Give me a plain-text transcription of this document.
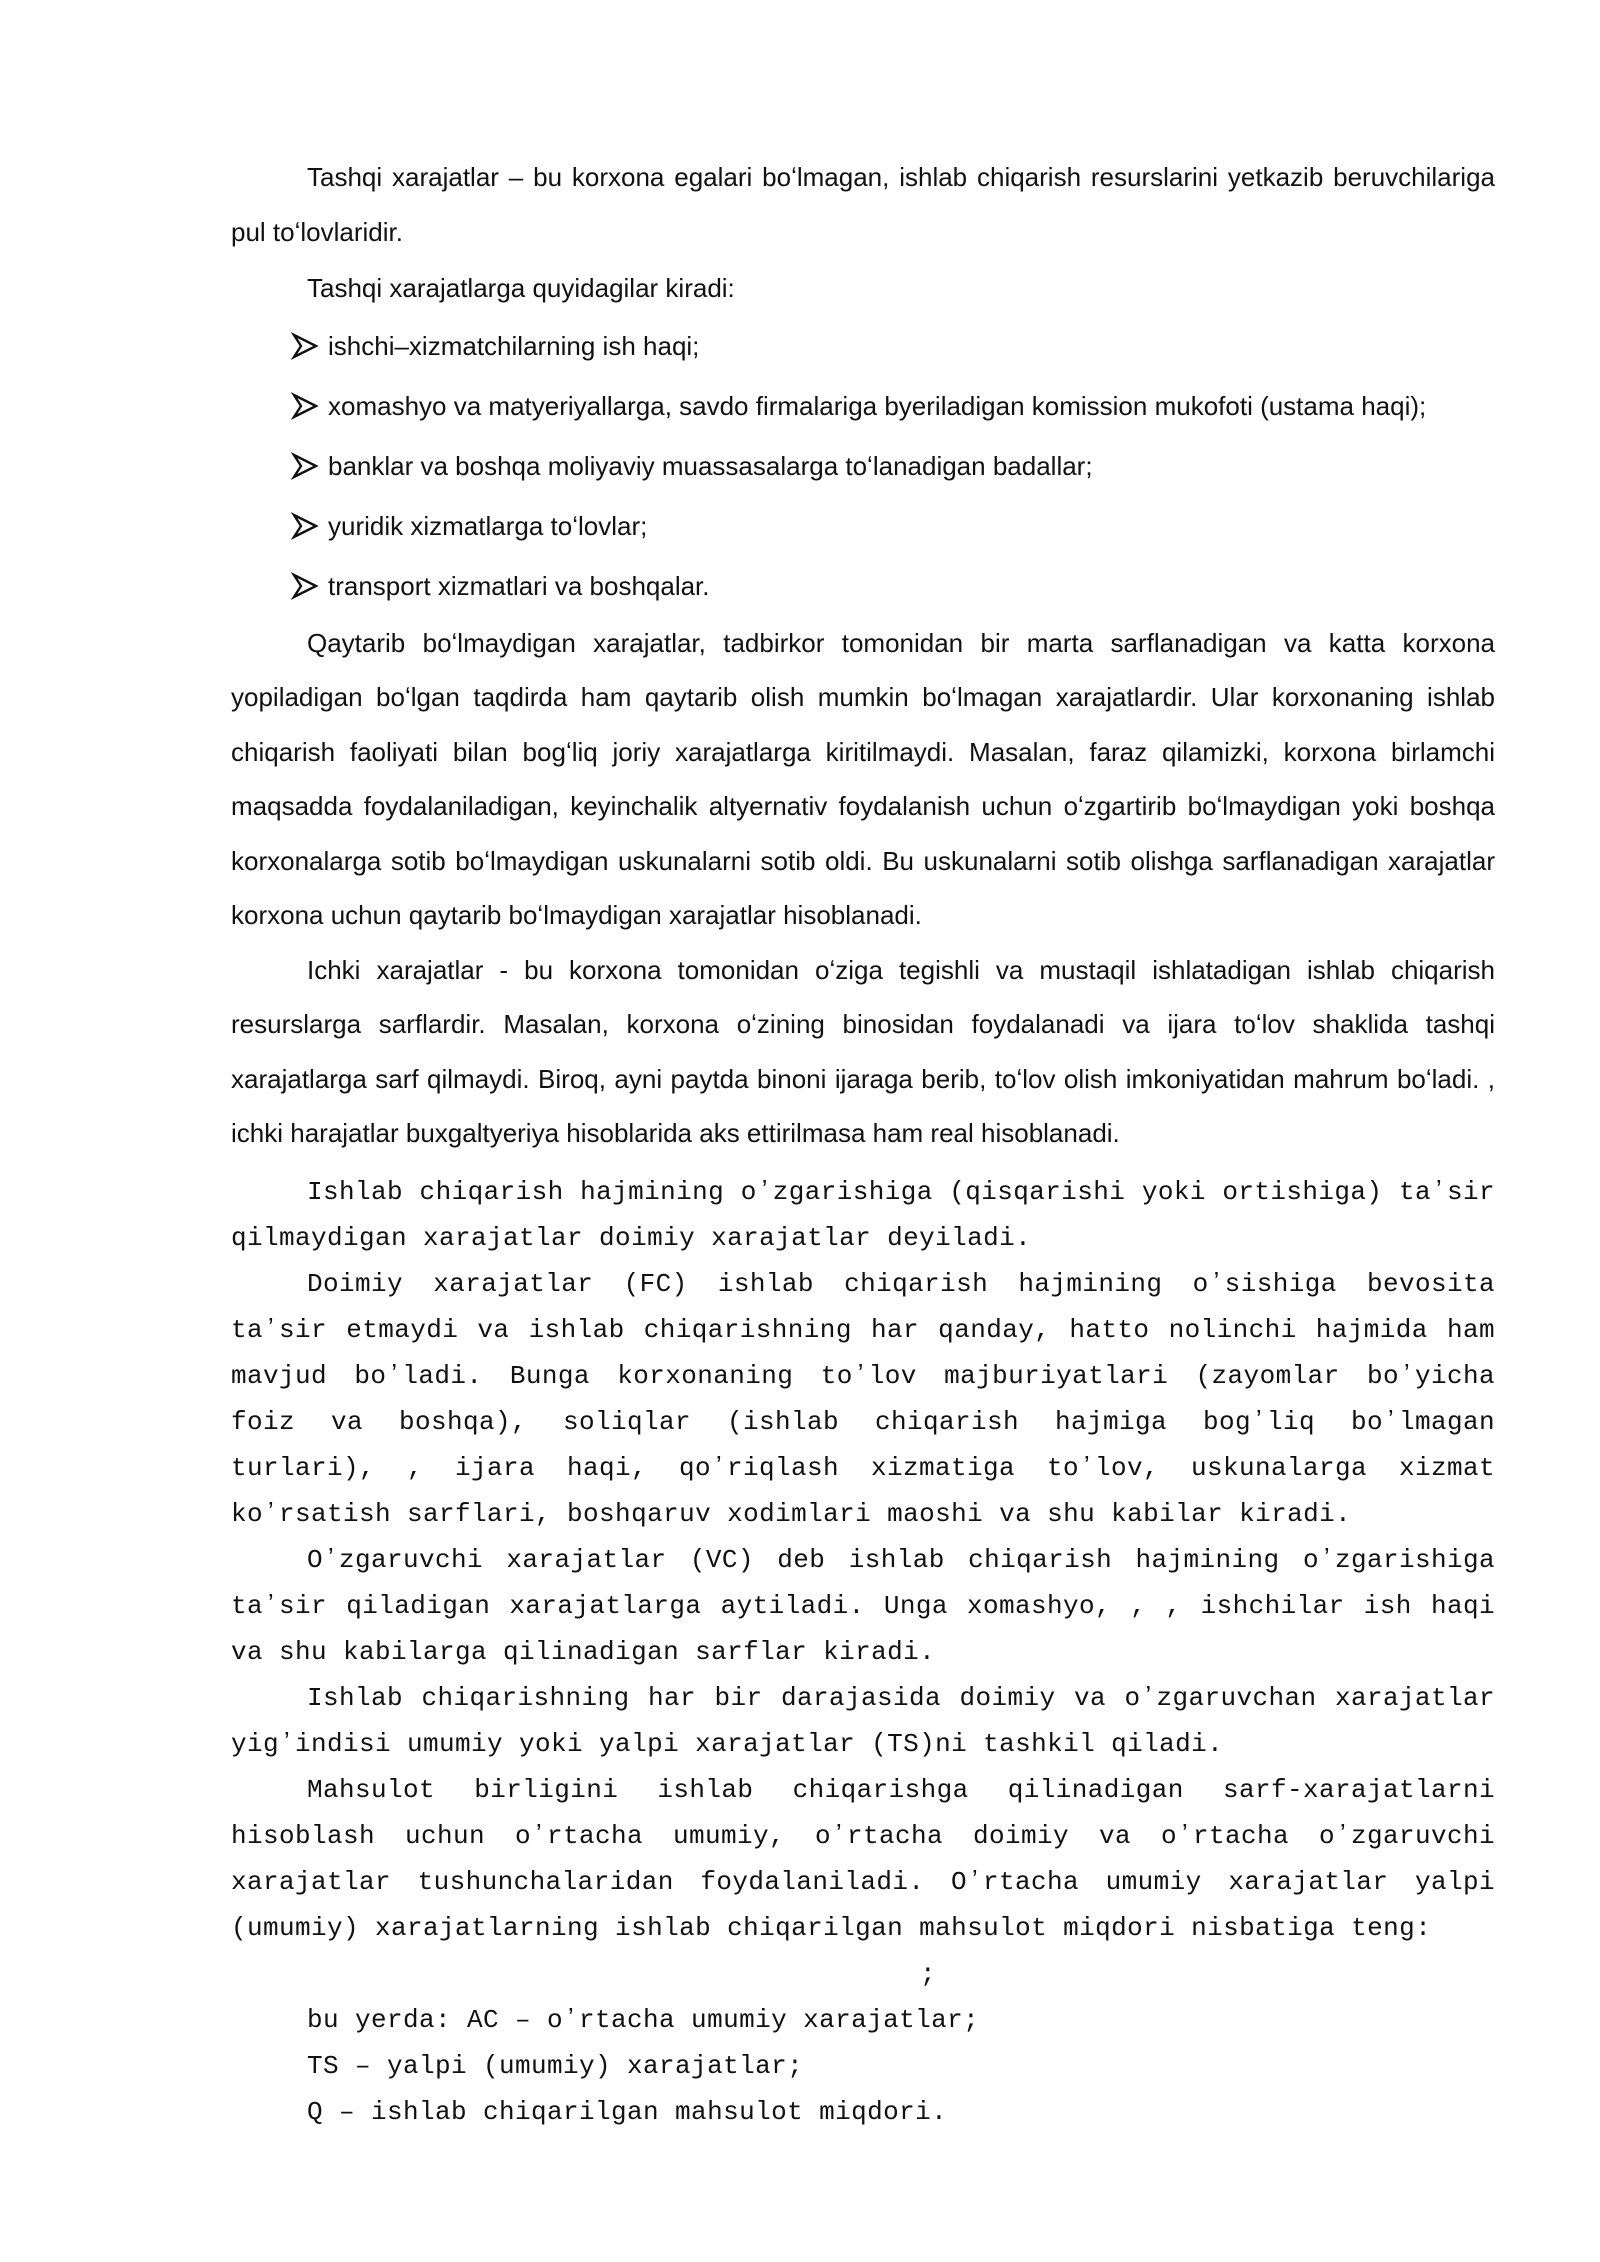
Tashqi xarajatlar – bu korxona egalari boʻlmagan, ishlab chiqarish resurslarini yetkazib beruvchilariga pul toʻlovlaridir.

Tashqi xarajatlarga quyidagilar kiradi:

ishchi–xizmatchilarning ish haqi;
xomashyo va matyeriyallarga, savdo firmalariga byeriladigan komission mukofoti (ustama haqi);
banklar va boshqa moliyaviy muassasalarga toʻlanadigan badallar;
yuridik xizmatlarga toʻlovlar;
transport xizmatlari va boshqalar.

Qaytarib boʻlmaydigan xarajatlar, tadbirkor tomonidan bir marta sarflanadigan va katta korxona yopiladigan boʻlgan taqdirda ham qaytarib olish mumkin boʻlmagan xarajatlardir. Ular korxonaning ishlab chiqarish faoliyati bilan bogʻliq joriy xarajatlarga kiritilmaydi. Masalan, faraz qilamizki, korxona birlamchi maqsadda foydalaniladigan, keyinchalik altyernativ foydalanish uchun oʻzgartirib boʻlmaydigan yoki boshqa korxonalarga sotib boʻlmaydigan uskunalarni sotib oldi. Bu uskunalarni sotib olishga sarflanadigan xarajatlar korxona uchun qaytarib boʻlmaydigan xarajatlar hisoblanadi.

Ichki xarajatlar - bu korxona tomonidan oʻziga tegishli va mustaqil ishlatadigan ishlab chiqarish resurslarga sarflardir. Masalan, korxona oʻzining binosidan foydalanadi va ijara toʻlov shaklida tashqi xarajatlarga sarf qilmaydi. Biroq, ayni paytda binoni ijaraga berib, toʻlov olish imkoniyatidan mahrum boʻladi. , ichki harajatlar buxgaltyeriya hisoblarida aks ettirilmasa ham real hisoblanadi.

Ishlab chiqarish hajmining oʼzgarishiga (qisqarishi yoki ortishiga) taʼsir qilmaydigan xarajatlar doimiy xarajatlar deyiladi.

Doimiy xarajatlar (FC) ishlab chiqarish hajmining oʼsishiga bevosita taʼsir etmaydi va ishlab chiqarishning har qanday, hatto nolinchi hajmida ham mavjud boʼladi. Bunga korxonaning toʼlov majburiyatlari (zayomlar boʼyicha foiz va boshqa), soliqlar (ishlab chiqarish hajmiga bogʼliq boʼlmagan turlari), , ijara haqi, qoʼriqlash xizmatiga toʼlov, uskunalarga xizmat koʼrsatish sarflari, boshqaruv xodimlari maoshi va shu kabilar kiradi.

Oʼzgaruvchi xarajatlar (VC) deb ishlab chiqarish hajmining oʼzgarishiga taʼsir qiladigan xarajatlarga aytiladi. Unga xomashyo, , , ishchilar ish haqi va shu kabilarga qilinadigan sarflar kiradi.

Ishlab chiqarishning har bir darajasida doimiy va oʼzgaruvchan xarajatlar yigʼindisi umumiy yoki yalpi xarajatlar (TS)ni tashkil qiladi.

Mahsulot birligini ishlab chiqarishga qilinadigan sarf-xarajatlarni hisoblash uchun oʼrtacha umumiy, oʼrtacha doimiy va oʼrtacha oʼzgaruvchi xarajatlar tushunchalaridan foydalaniladi. Oʼrtacha umumiy xarajatlar yalpi (umumiy) xarajatlarning ishlab chiqarilgan mahsulot miqdori nisbatiga teng:

;

bu yerda: AC – oʼrtacha umumiy xarajatlar;

TS – yalpi (umumiy) xarajatlar;

Q – ishlab chiqarilgan mahsulot miqdori.
